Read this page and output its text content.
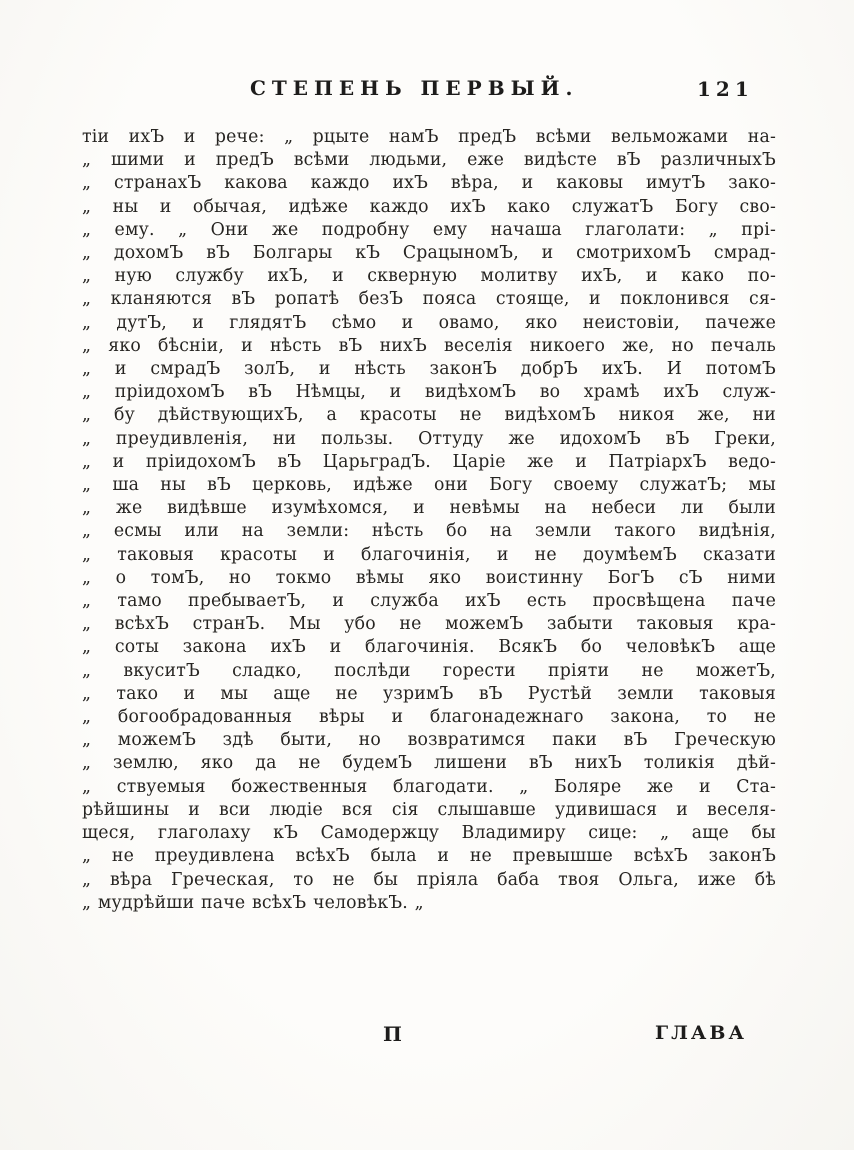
СТЕПЕНЬ ПЕРВЫЙ.	121
тіи ихЪ и рече: „ рцыте намЪ предЪ всѣми вельможами на-
„ шими и предЪ всѣми людьми, еже видѣсте вЪ различныхЪ
„ странахЪ какова каждо ихЪ вѣра, и каковы имутЪ зако-
„ ны и обычая, идѣже каждо ихЪ како служатЪ Богу сво-
„ ему. „ Они же подробну ему начаша глаголати: „ прі-
„ дохомЪ вЪ Болгары кЪ СрацыномЪ, и смотрихомЪ смрад-
„ ную службу ихЪ, и скверную молитву ихЪ, и како по-
„ кланяются вЪ ропатѣ безЪ пояса стояще, и поклонився ся-
„ дутЪ, и глядятЪ сѣмо и овамо, яко неистовіи, пачеже
„ яко бѣсніи, и нѣсть вЪ нихЪ веселія никоего же, но печаль
„ и смрадЪ золЪ, и нѣсть законЪ добрЪ ихЪ. И потомЪ
„ пріидохомЪ вЪ Нѣмцы, и видѣхомЪ во храмѣ ихЪ служ-
„ бу дѣйствующихЪ, а красоты не видѣхомЪ никоя же, ни
„ преудивленія, ни пользы. Оттуду же идохомЪ вЪ Греки,
„ и пріидохомЪ вЪ ЦарьградЪ. Царіе же и ПатріархЪ ведо-
„ ша ны вЪ церковь, идѣже они Богу своему служатЪ; мы
„ же видѣвше изумѣхомся, и невѣмы на небеси ли были
„ есмы или на земли: нѣсть бо на земли такого видѣнія,
„ таковыя красоты и благочинія, и не доумѣемЪ сказати
„ о томЪ, но токмо вѣмы яко воистинну БогЪ сЪ ними
„ тамо пребываетЪ, и служба ихЪ есть просвѣщена паче
„ всѣхЪ странЪ. Мы убо не можемЪ забыти таковыя кра-
„ соты закона ихЪ и благочинія. ВсякЪ бо человѣкЪ аще
„ вкуситЪ сладко, послѣди горести пріяти не можетЪ,
„ тако и мы аще не узримЪ вЪ Рустѣй земли таковыя
„ богообрадованныя вѣры и благонадежнаго закона, то не
„ можемЪ здѣ быти, но возвратимся паки вЪ Греческую
„ землю, яко да не будемЪ лишени вЪ нихЪ толикія дѣй-
„ ствуемыя божественныя благодати. „ Боляре же и Ста-
рѣйшины и вси людіе вся сія слышавше удивишася и веселя-
щеся, глаголаху кЪ Самодержцу Владимиру сице: „ аще бы
„ не преудивлена всѣхЪ была и не превышше всѣхЪ законЪ
„ вѣра Греческая, то не бы пріяла баба твоя Ольга, иже бѣ
„ мудрѣйши паче всѣхЪ человѣкЪ. „
П	ГЛАВА
